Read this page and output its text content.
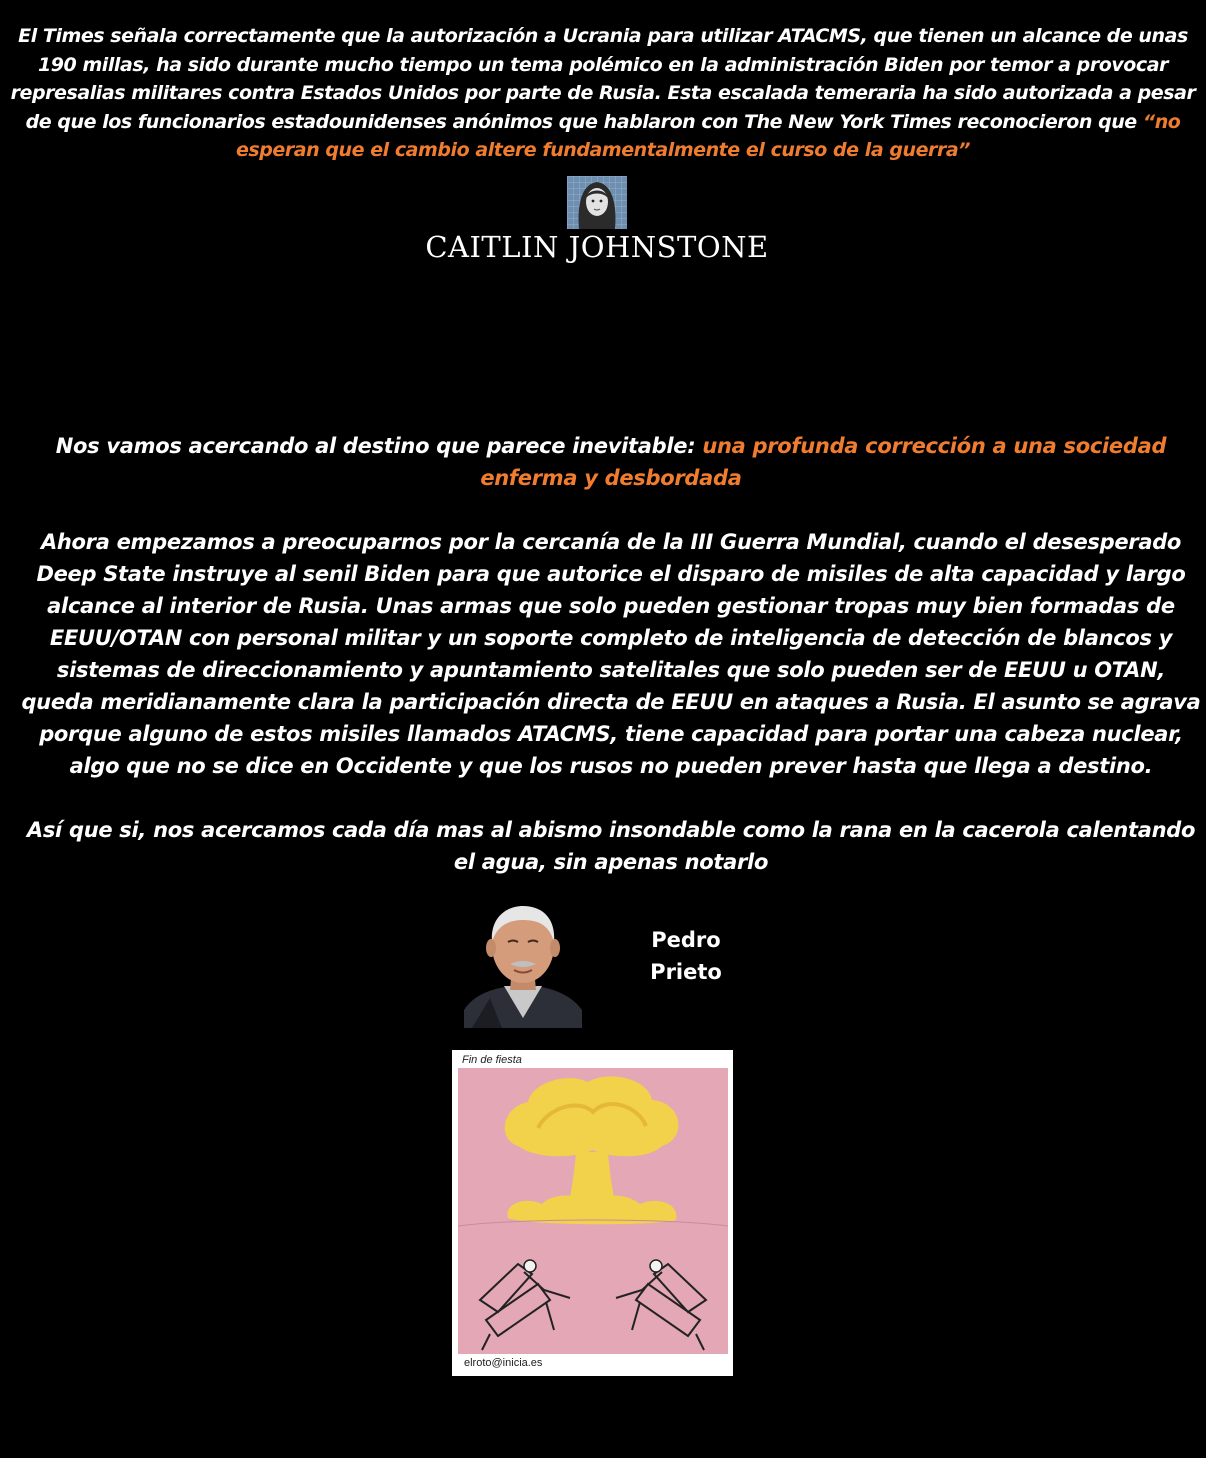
El Times señala correctamente que la autorización a Ucrania para utilizar ATACMS, que tienen un alcance de unas 190 millas, ha sido durante mucho tiempo un tema polémico en la administración Biden por temor a provocar represalias militares contra Estados Unidos por parte de Rusia. Esta escalada temeraria ha sido autorizada a pesar de que los funcionarios estadounidenses anónimos que hablaron con The New York Times reconocieron que “no esperan que el cambio altere fundamentalmente el curso de la guerra”
CAITLIN JOHNSTONE
Nos vamos acercando al destino que parece inevitable: una profunda corrección a una sociedad enferma y desbordada
Ahora empezamos a preocuparnos por la cercanía de la III Guerra Mundial, cuando el desesperado Deep State instruye al senil Biden para que autorice el disparo de misiles de alta capacidad y largo alcance al interior de Rusia. Unas armas que solo pueden gestionar tropas muy bien formadas de EEUU/OTAN con personal militar y un soporte completo de inteligencia de detección de blancos y sistemas de direccionamiento y apuntamiento satelitales que solo pueden ser de EEUU u OTAN, queda meridianamente clara la participación directa de EEUU en ataques a Rusia. El asunto se agrava porque alguno de estos misiles llamados ATACMS, tiene capacidad para portar una cabeza nuclear, algo que no se dice en Occidente y que los rusos no pueden prever hasta que llega a destino.
Así que si, nos acercamos cada día mas al abismo insondable como la rana en la cacerola calentando el agua, sin apenas notarlo
Pedro
Prieto
Fin de fiesta
elroto@inicia.es
